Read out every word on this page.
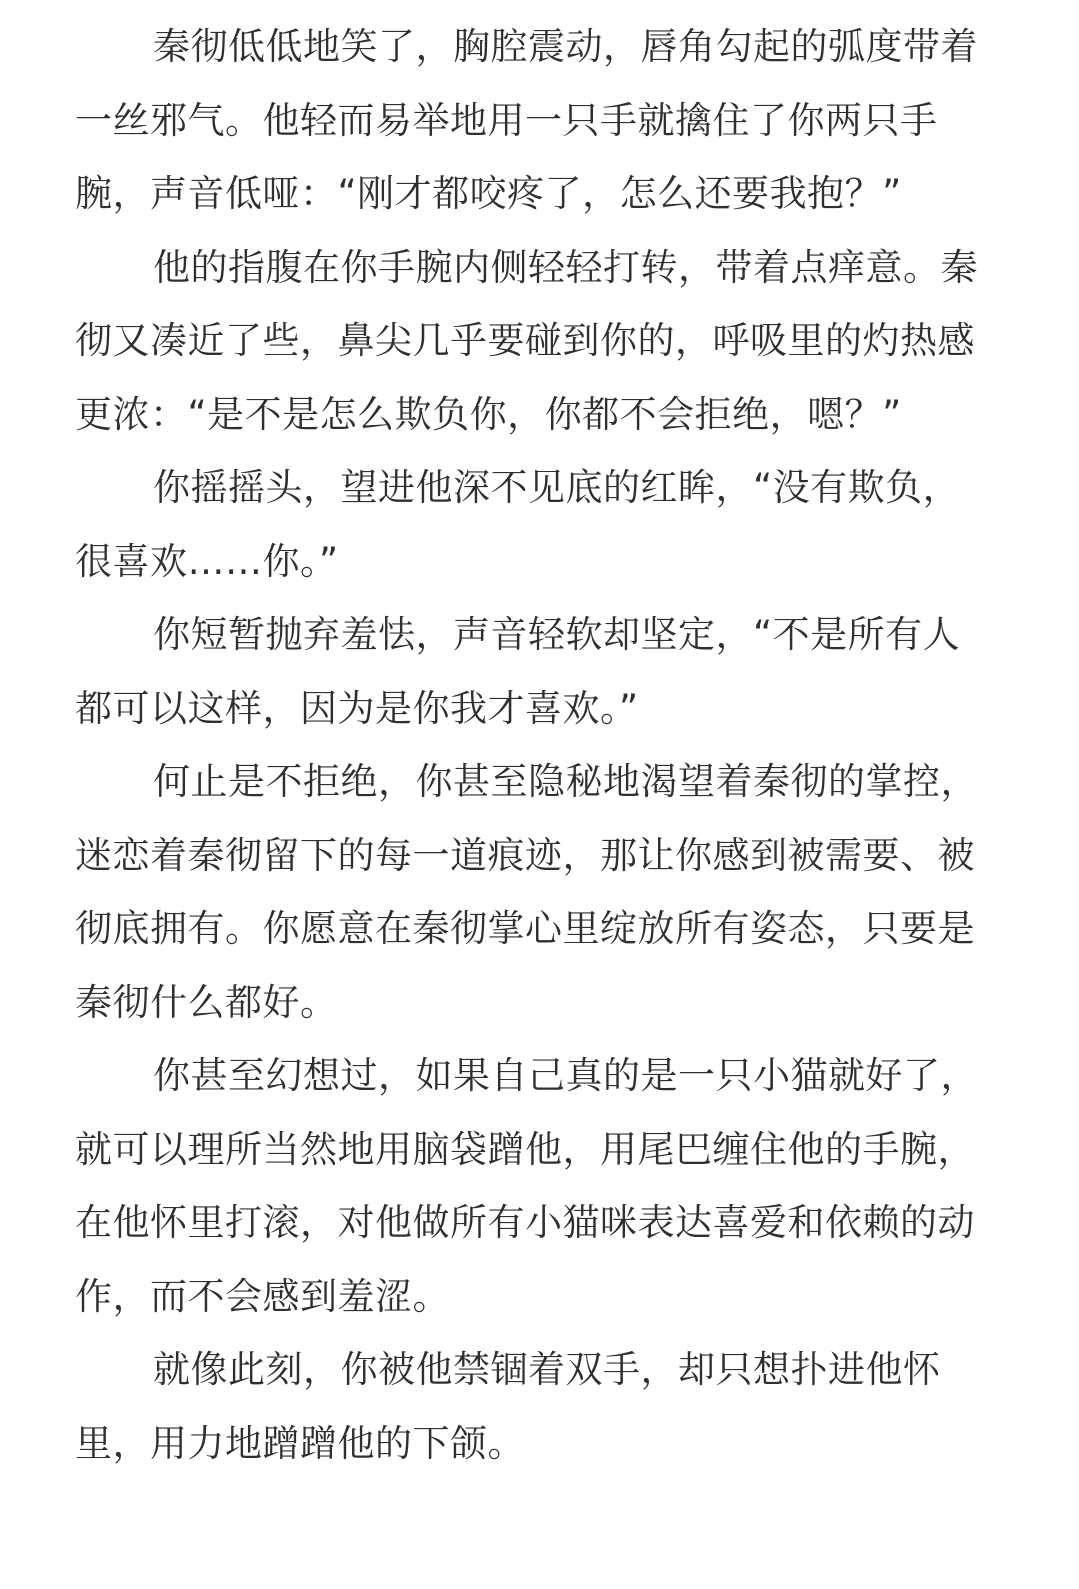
秦彻低低地笑了，胸腔震动，唇角勾起的弧度带着一丝邪气。他轻而易举地用一只手就擒住了你两只手腕，声音低哑：“刚才都咬疼了，怎么还要我抱？”

他的指腹在你手腕内侧轻轻打转，带着点痒意。秦彻又凑近了些，鼻尖几乎要碰到你的，呼吸里的灼热感更浓：“是不是怎么欺负你，你都不会拒绝，嗯？”

你摇摇头，望进他深不见底的红眸，“没有欺负，很喜欢……你。”

你短暂抛弃羞怯，声音轻软却坚定，“不是所有人都可以这样，因为是你我才喜欢。”

何止是不拒绝，你甚至隐秘地渴望着秦彻的掌控，迷恋着秦彻留下的每一道痕迹，那让你感到被需要、被彻底拥有。你愿意在秦彻掌心里绽放所有姿态，只要是秦彻什么都好。

你甚至幻想过，如果自己真的是一只小猫就好了，就可以理所当然地用脑袋蹭他，用尾巴缠住他的手腕，在他怀里打滚，对他做所有小猫咪表达喜爱和依赖的动作，而不会感到羞涩。

就像此刻，你被他禁锢着双手，却只想扑进他怀里，用力地蹭蹭他的下颌。
